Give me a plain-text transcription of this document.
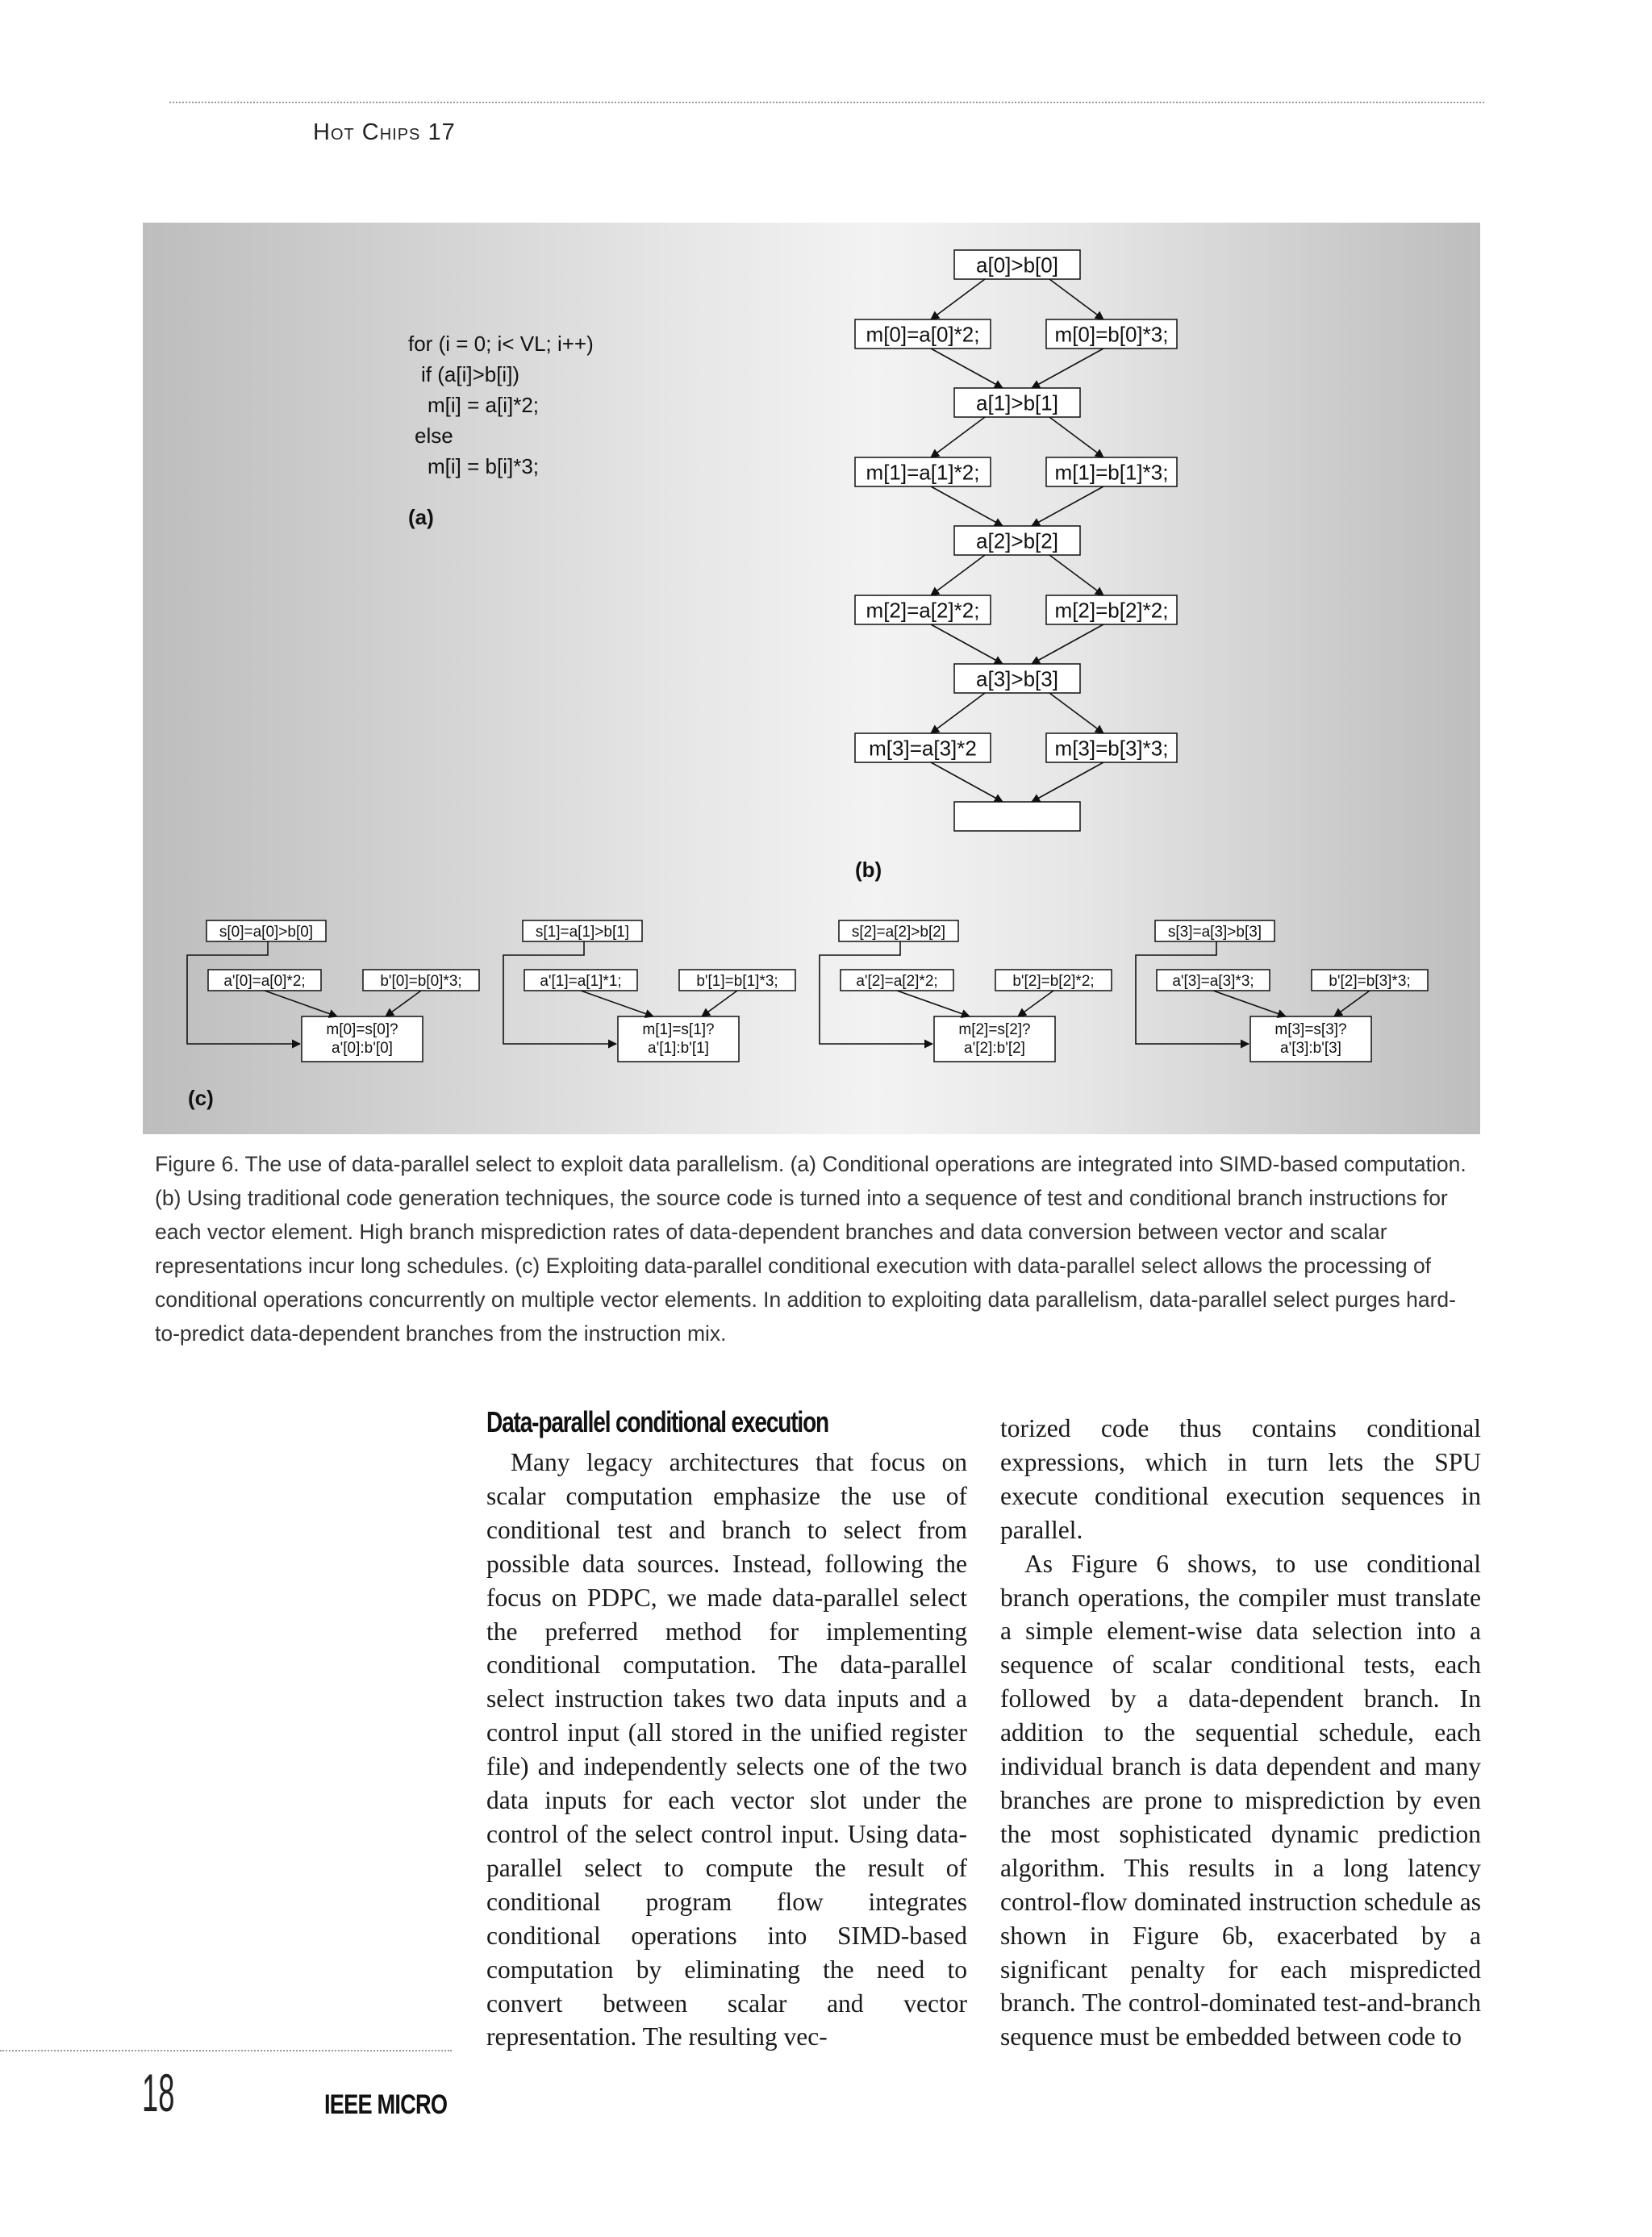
Hot Chips 17
for (i = 0; i< VL; i++)
if (a[i]>b[i])
m[i] = a[i]*2;
else
m[i] = b[i]*3;
(a)
a[0]>b[0]
m[0]=a[0]*2;	m[0]=b[0]*3;
a[1]>b[1]
m[1]=a[1]*2;	m[1]=b[1]*3;
a[2]>b[2]
m[2]=a[2]*2;	m[2]=b[2]*2;
a[3]>b[3]
m[3]=a[3]*2	m[3]=b[3]*3;
(b)
s[0]=a[0]>b[0]
a'[0]=a[0]*2;	b'[0]=b[0]*3;
m[0]=s[0]?
a'[0]:b'[0]
s[1]=a[1]>b[1]
a'[1]=a[1]*1;	b'[1]=b[1]*3;
m[1]=s[1]?
a'[1]:b'[1]
s[2]=a[2]>b[2]
a'[2]=a[2]*2;	b'[2]=b[2]*2;
m[2]=s[2]?
a'[2]:b'[2]
s[3]=a[3]>b[3]
a'[3]=a[3]*3;	b'[2]=b[3]*3;
m[3]=s[3]?
a'[3]:b'[3]
(c)
Figure 6. The use of data-parallel select to exploit data parallelism. (a) Conditional operations are integrated into SIMD-based computation. (b) Using traditional code generation techniques, the source code is turned into a sequence of test and conditional branch instructions for each vector element. High branch misprediction rates of data-dependent branches and data conversion between vector and scalar representations incur long schedules. (c) Exploiting data-parallel conditional execution with data-parallel select allows the processing of conditional operations concurrently on multiple vector elements. In addition to exploiting data parallelism, data-parallel select purges hard-to-predict data-dependent branches from the instruction mix.
Data-parallel conditional execution

Many legacy architectures that focus on scalar computation emphasize the use of conditional test and branch to select from possible data sources. Instead, following the focus on PDPC, we made data-parallel select the preferred method for implementing conditional computation. The data-parallel select instruction takes two data inputs and a control input (all stored in the unified register file) and independently selects one of the two data inputs for each vector slot under the control of the select control input. Using data-parallel select to compute the result of conditional program flow integrates conditional operations into SIMD-based computation by eliminating the need to convert between scalar and vector representation. The resulting vec-

torized code thus contains conditional expressions, which in turn lets the SPU execute conditional execution sequences in parallel.

As Figure 6 shows, to use conditional branch operations, the compiler must translate a simple element-wise data selection into a sequence of scalar conditional tests, each followed by a data-dependent branch. In addition to the sequential schedule, each individual branch is data dependent and many branches are prone to misprediction by even the most sophisticated dynamic prediction algorithm. This results in a long latency control-flow dominated instruction schedule as shown in Figure 6b, exacerbated by a significant penalty for each mispredicted branch. The control-dominated test-and-branch sequence must be embedded between code to

18	IEEE MICRO
